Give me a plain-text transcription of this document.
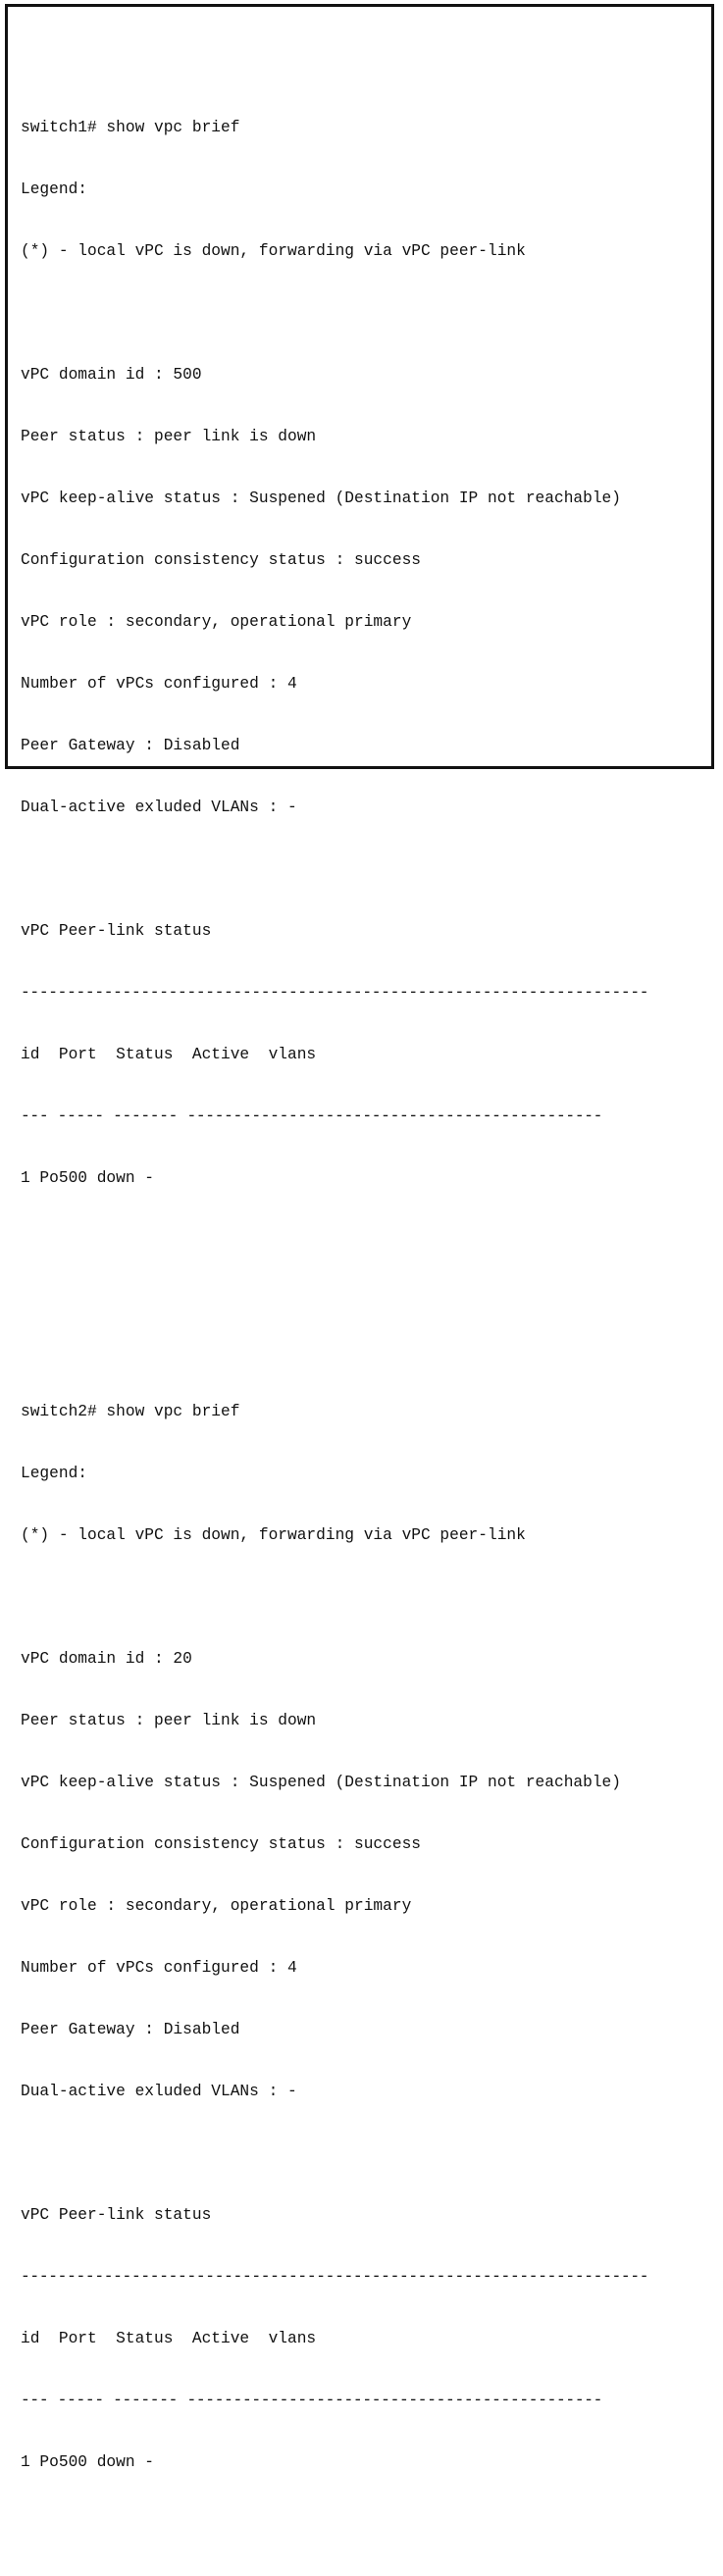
switch1# show vpc brief

Legend:

(*) - local vPC is down, forwarding via vPC peer-link

vPC domain id : 500

Peer status : peer link is down

vPC keep-alive status : Suspened (Destination IP not reachable)

Configuration consistency status : success

vPC role : secondary, operational primary

Number of vPCs configured : 4

Peer Gateway : Disabled

Dual-active exluded VLANs : -

vPC Peer-link status

--------------------------------------------------------------------

id  Port  Status  Active  vlans

--- ----- ------- ---------------------------------------------

1 Po500 down -

switch2# show vpc brief

Legend:

(*) - local vPC is down, forwarding via vPC peer-link

vPC domain id : 20

Peer status : peer link is down

vPC keep-alive status : Suspened (Destination IP not reachable)

Configuration consistency status : success

vPC role : secondary, operational primary

Number of vPCs configured : 4

Peer Gateway : Disabled

Dual-active exluded VLANs : -

vPC Peer-link status

--------------------------------------------------------------------

id  Port  Status  Active  vlans

--- ----- ------- ---------------------------------------------

1 Po500 down -
